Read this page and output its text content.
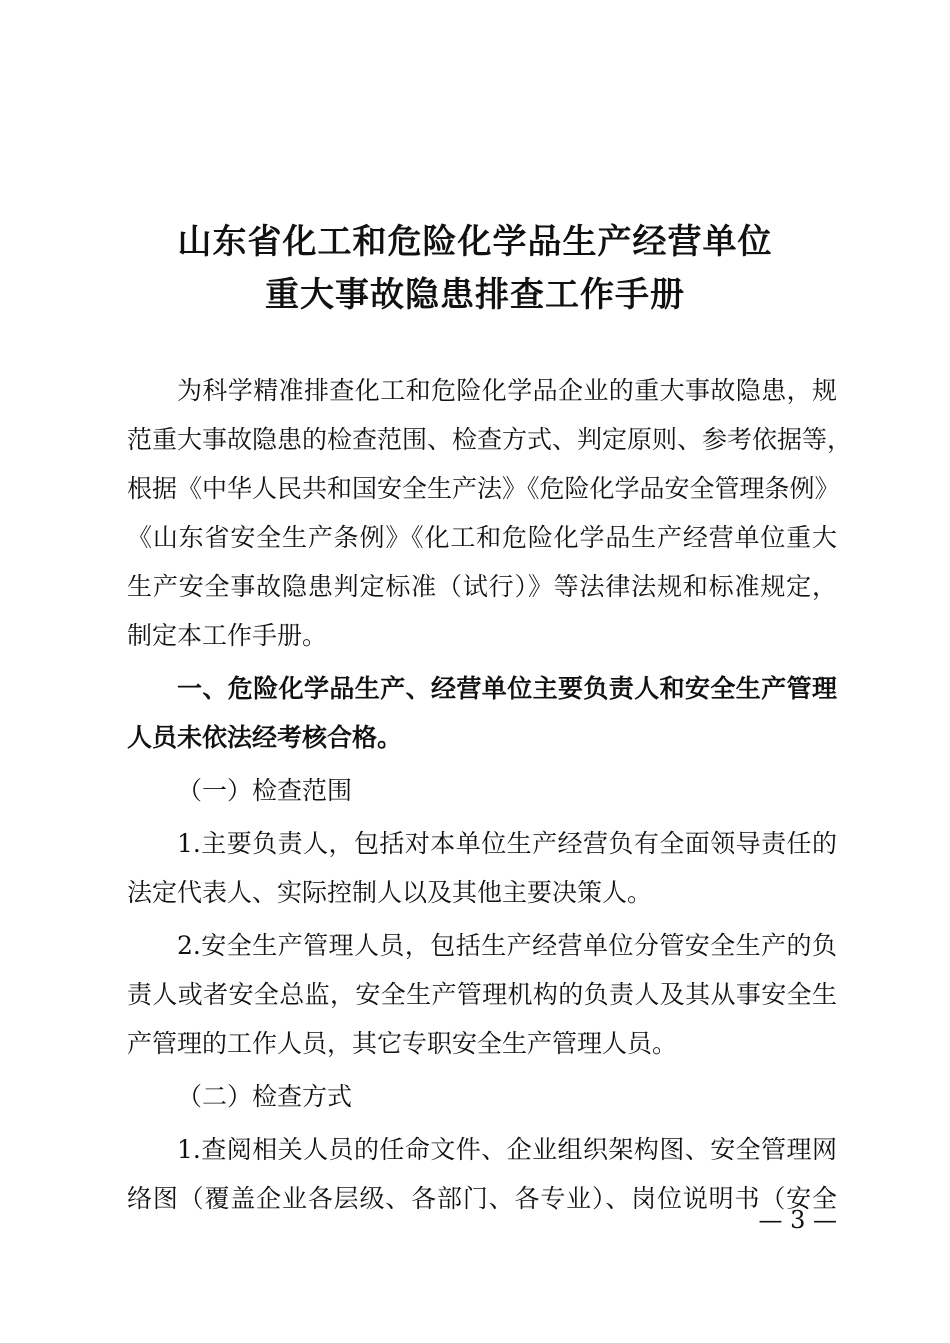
山东省化工和危险化学品生产经营单位
重大事故隐患排查工作手册
为科学精准排查化工和危险化学品企业的重大事故隐患，规
范重大事故隐患的检查范围、检查方式、判定原则、参考依据等，
根据《中华人民共和国安全生产法》《危险化学品安全管理条例》
《山东省安全生产条例》《化工和危险化学品生产经营单位重大
生产安全事故隐患判定标准（试行）》等法律法规和标准规定，
制定本工作手册。
一、危险化学品生产、经营单位主要负责人和安全生产管理
人员未依法经考核合格。
（一）检查范围
1.主要负责人，包括对本单位生产经营负有全面领导责任的
法定代表人、实际控制人以及其他主要决策人。
2.安全生产管理人员，包括生产经营单位分管安全生产的负
责人或者安全总监，安全生产管理机构的负责人及其从事安全生
产管理的工作人员，其它专职安全生产管理人员。
（二）检查方式
1.查阅相关人员的任命文件、企业组织架构图、安全管理网
络图（覆盖企业各层级、各部门、各专业）、岗位说明书（安全
— 3 —
